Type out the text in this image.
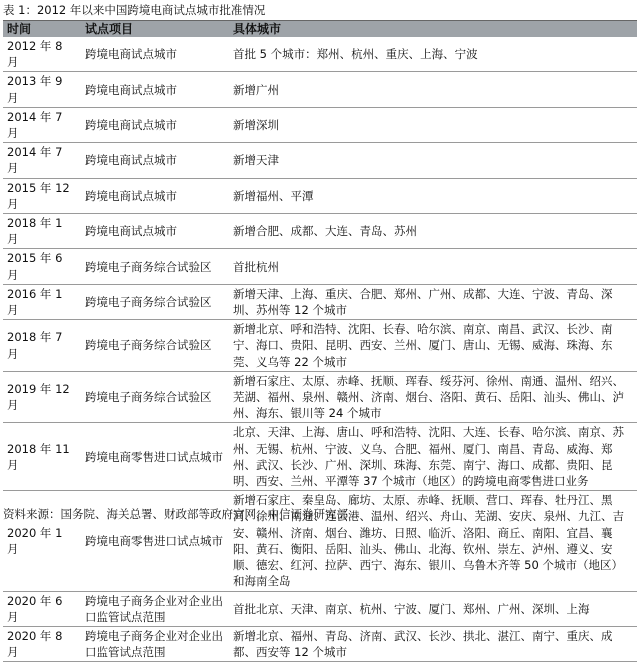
表 1：2012 年以来中国跨境电商试点城市批准情况
时间	试点项目	具体城市
2012 年 8 月	跨境电商试点城市	首批 5 个城市：郑州、杭州、重庆、上海、宁波
2013 年 9 月	跨境电商试点城市	新增广州
2014 年 7 月	跨境电商试点城市	新增深圳
2014 年 7 月	跨境电商试点城市	新增天津
2015 年 12 月	跨境电商试点城市	新增福州、平潭
2018 年 1 月	跨境电商试点城市	新增合肥、成都、大连、青岛、苏州
2015 年 6 月	跨境电子商务综合试验区	首批杭州
2016 年 1 月	跨境电子商务综合试验区	新增天津、上海、重庆、合肥、郑州、广州、成都、大连、宁波、青岛、深圳、苏州等 12 个城市
2018 年 7 月	跨境电子商务综合试验区	新增北京、呼和浩特、沈阳、长春、哈尔滨、南京、南昌、武汉、长沙、南宁、海口、贵阳、昆明、西安、兰州、厦门、唐山、无锡、威海、珠海、东莞、义乌等 22 个城市
2019 年 12 月	跨境电子商务综合试验区	新增石家庄、太原、赤峰、抚顺、珲春、绥芬河、徐州、南通、温州、绍兴、芜湖、福州、泉州、赣州、济南、烟台、洛阳、黄石、岳阳、汕头、佛山、泸州、海东、银川等 24 个城市
2018 年 11 月	跨境电商零售进口试点城市	北京、天津、上海、唐山、呼和浩特、沈阳、大连、长春、哈尔滨、南京、苏州、无锡、杭州、宁波、义乌、合肥、福州、厦门、南昌、青岛、威海、郑州、武汉、长沙、广州、深圳、珠海、东莞、南宁、海口、成都、贵阳、昆明、西安、兰州、平潭等 37 个城市（地区）的跨境电商零售进口业务
2020 年 1 月	跨境电商零售进口试点城市	新增石家庄、秦皇岛、廊坊、太原、赤峰、抚顺、营口、珲春、牡丹江、黑河、徐州、南通、连云港、温州、绍兴、舟山、芜湖、安庆、泉州、九江、吉安、赣州、济南、烟台、潍坊、日照、临沂、洛阳、商丘、南阳、宜昌、襄阳、黄石、衡阳、岳阳、汕头、佛山、北海、钦州、崇左、泸州、遵义、安顺、德宏、红河、拉萨、西宁、海东、银川、乌鲁木齐等 50 个城市（地区）和海南全岛
2020 年 6 月	跨境电子商务企业对企业出口监管试点范围	首批北京、天津、南京、杭州、宁波、厦门、郑州、广州、深圳、上海
2020 年 8 月	跨境电子商务企业对企业出口监管试点范围	新增北京、福州、青岛、济南、武汉、长沙、拱北、湛江、南宁、重庆、成都、西安等 12 个城市
资料来源：国务院、海关总署、财政部等政府官网，中信证券研究部
